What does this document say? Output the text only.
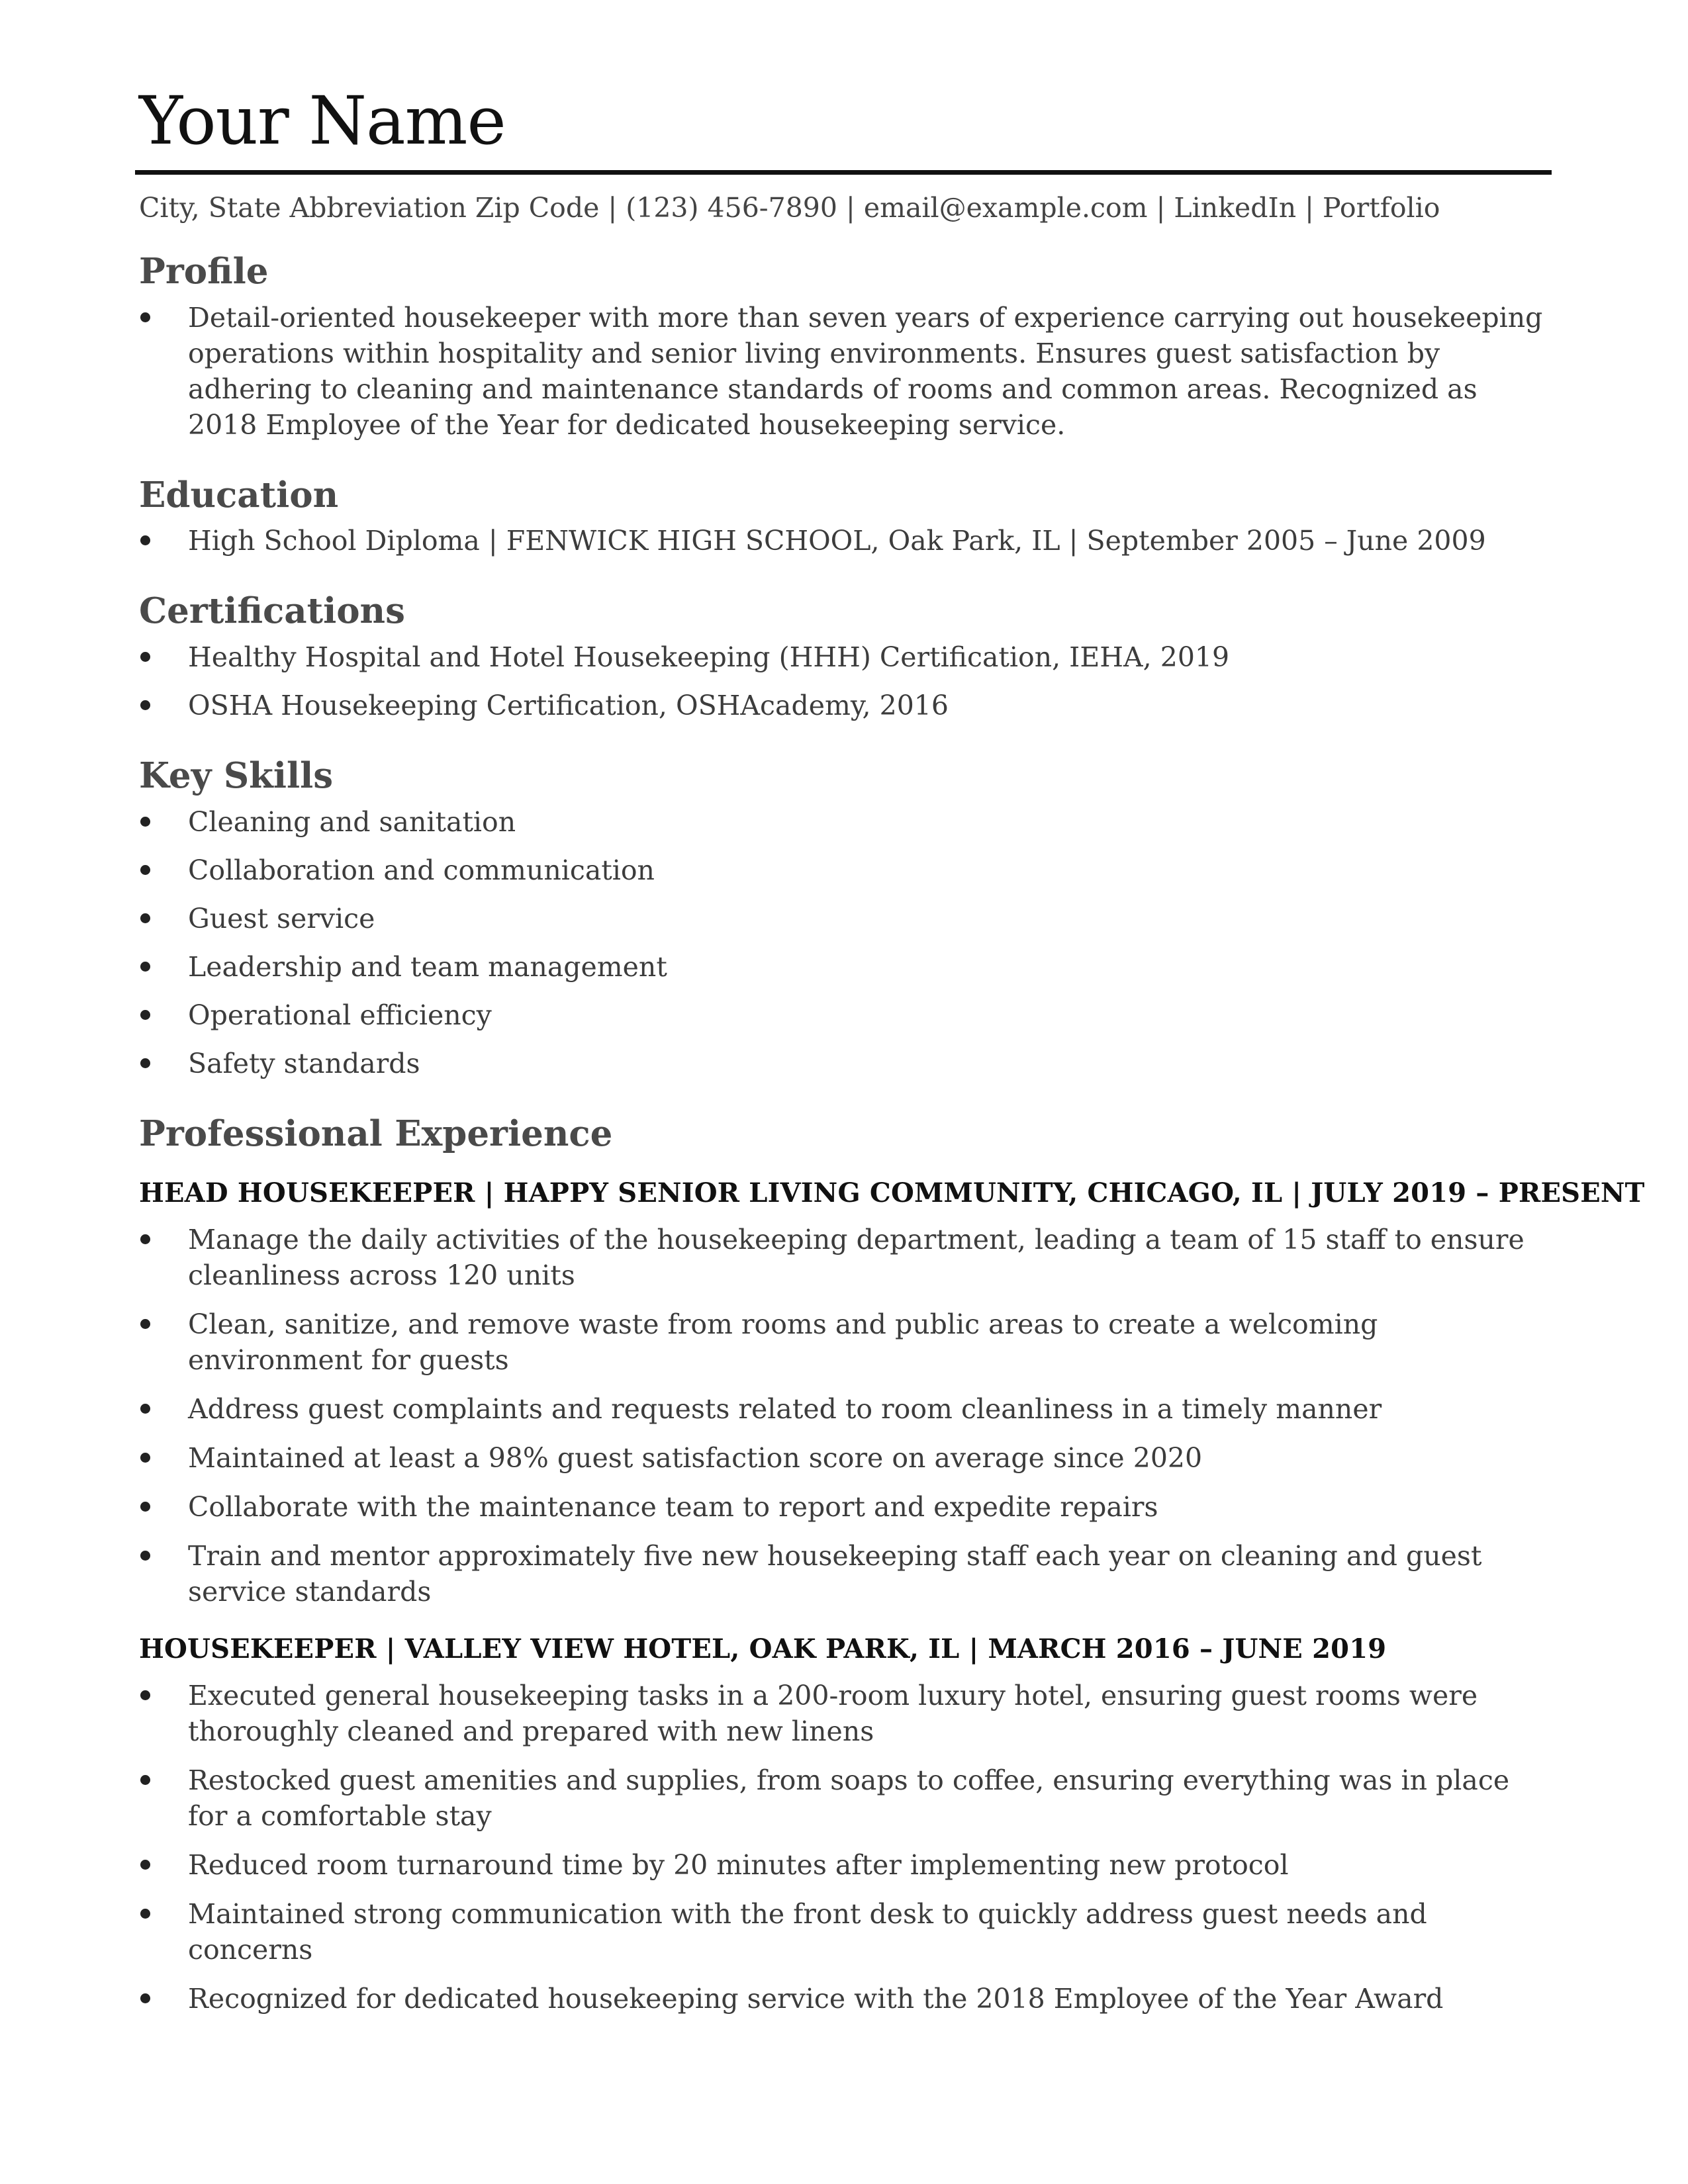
Your Name
City, State Abbreviation Zip Code | (123) 456-7890 | email@example.com | LinkedIn | Portfolio
Profile
Detail-oriented housekeeper with more than seven years of experience carrying out housekeeping operations within hospitality and senior living environments. Ensures guest satisfaction by adhering to cleaning and maintenance standards of rooms and common areas. Recognized as 2018 Employee of the Year for dedicated housekeeping service.
Education
High School Diploma | FENWICK HIGH SCHOOL, Oak Park, IL | September 2005 – June 2009
Certifications
Healthy Hospital and Hotel Housekeeping (HHH) Certification, IEHA, 2019
OSHA Housekeeping Certification, OSHAcademy, 2016
Key Skills
Cleaning and sanitation
Collaboration and communication
Guest service
Leadership and team management
Operational efficiency
Safety standards
Professional Experience
HEAD HOUSEKEEPER | HAPPY SENIOR LIVING COMMUNITY, CHICAGO, IL | JULY 2019 – PRESENT
Manage the daily activities of the housekeeping department, leading a team of 15 staff to ensure cleanliness across 120 units
Clean, sanitize, and remove waste from rooms and public areas to create a welcoming environment for guests
Address guest complaints and requests related to room cleanliness in a timely manner
Maintained at least a 98% guest satisfaction score on average since 2020
Collaborate with the maintenance team to report and expedite repairs
Train and mentor approximately five new housekeeping staff each year on cleaning and guest service standards
HOUSEKEEPER | VALLEY VIEW HOTEL, OAK PARK, IL | MARCH 2016 – JUNE 2019
Executed general housekeeping tasks in a 200-room luxury hotel, ensuring guest rooms were thoroughly cleaned and prepared with new linens
Restocked guest amenities and supplies, from soaps to coffee, ensuring everything was in place for a comfortable stay
Reduced room turnaround time by 20 minutes after implementing new protocol
Maintained strong communication with the front desk to quickly address guest needs and concerns
Recognized for dedicated housekeeping service with the 2018 Employee of the Year Award
